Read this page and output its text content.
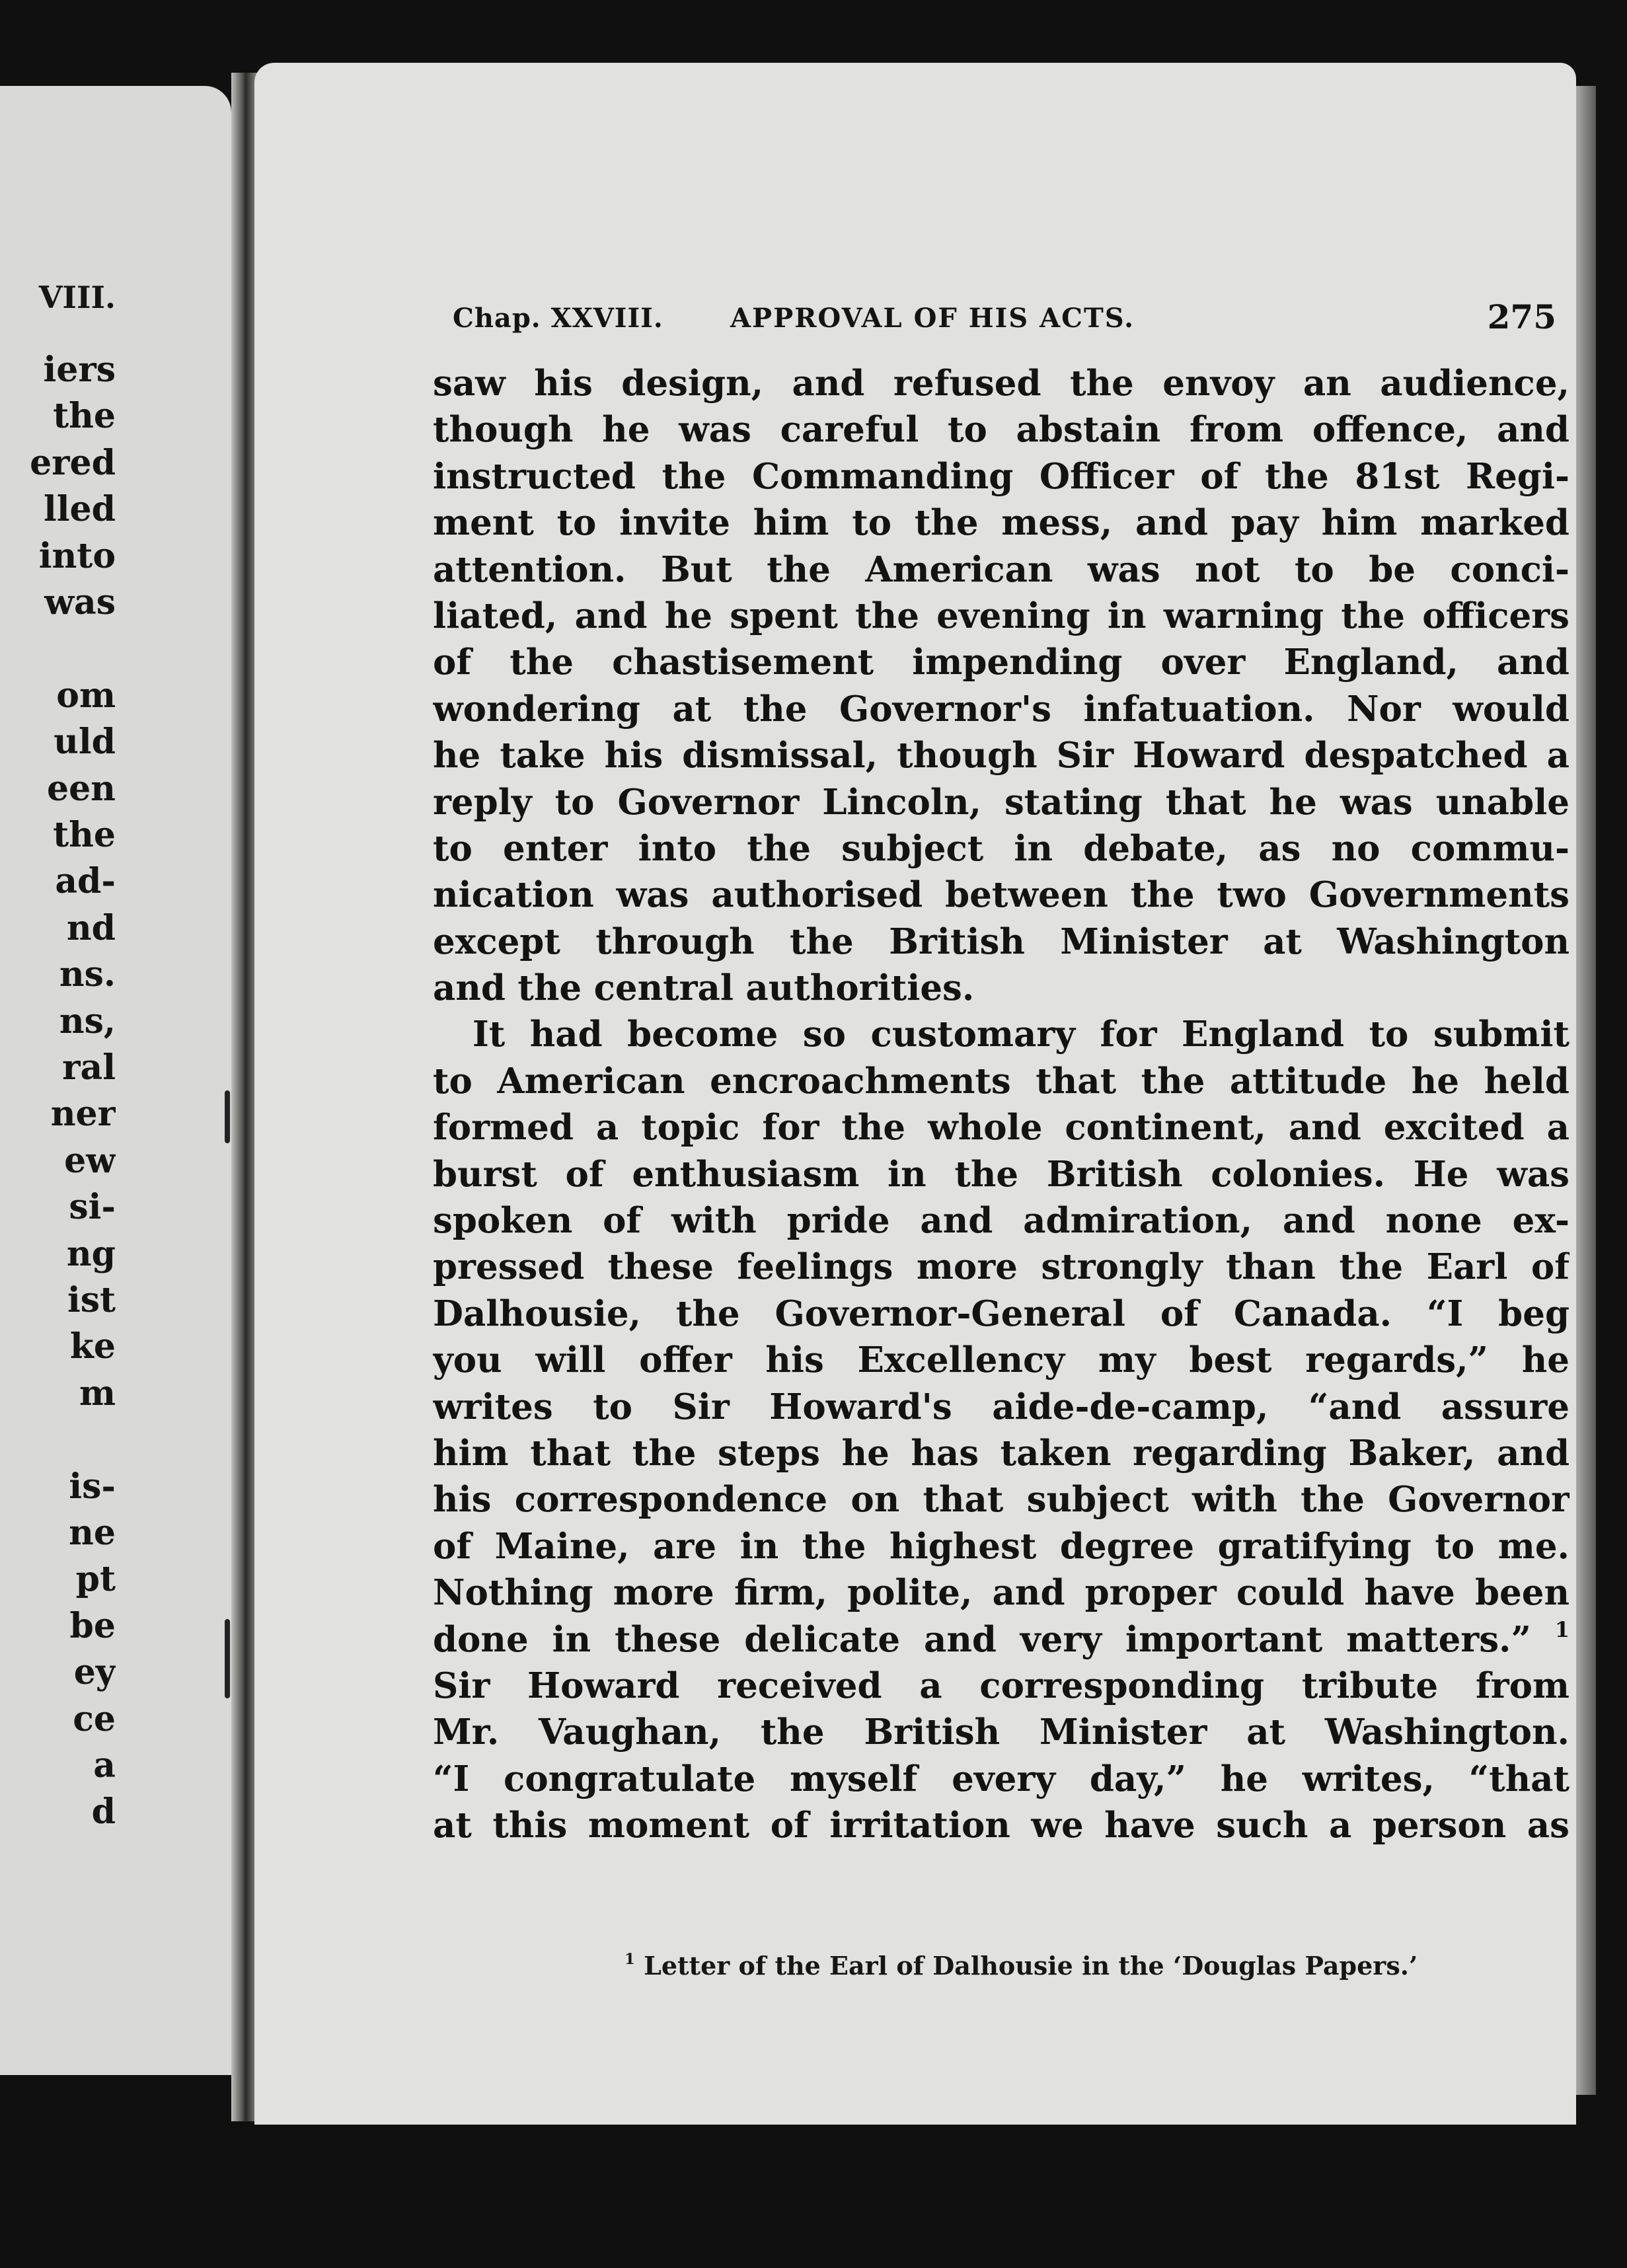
VIII.
iers
the
ered
lled
into
was
om
uld
een
the
ad-
nd
ns.
ns,
ral
ner
ew
si-
ng
ist
ke
m
is-
ne
pt
be
ey
ce
a
d
Chap. XXVIII.	APPROVAL OF HIS ACTS.	275
saw his design, and refused the envoy an audience,
though he was careful to abstain from offence, and
instructed the Commanding Officer of the 81st Regi-
ment to invite him to the mess, and pay him marked
attention. But the American was not to be conci-
liated, and he spent the evening in warning the officers
of the chastisement impending over England, and
wondering at the Governor's infatuation. Nor would
he take his dismissal, though Sir Howard despatched a
reply to Governor Lincoln, stating that he was unable
to enter into the subject in debate, as no commu-
nication was authorised between the two Governments
except through the British Minister at Washington
and the central authorities.
It had become so customary for England to submit
to American encroachments that the attitude he held
formed a topic for the whole continent, and excited a
burst of enthusiasm in the British colonies. He was
spoken of with pride and admiration, and none ex-
pressed these feelings more strongly than the Earl of
Dalhousie, the Governor-General of Canada. “I beg
you will offer his Excellency my best regards,” he
writes to Sir Howard's aide-de-camp, “and assure
him that the steps he has taken regarding Baker, and
his correspondence on that subject with the Governor
of Maine, are in the highest degree gratifying to me.
Nothing more firm, polite, and proper could have been
done in these delicate and very important matters.” $^1$
Sir Howard received a corresponding tribute from
Mr. Vaughan, the British Minister at Washington.
“I congratulate myself every day,” he writes, “that
at this moment of irritation we have such a person as
$^1$ Letter of the Earl of Dalhousie in the ‘Douglas Papers.’
